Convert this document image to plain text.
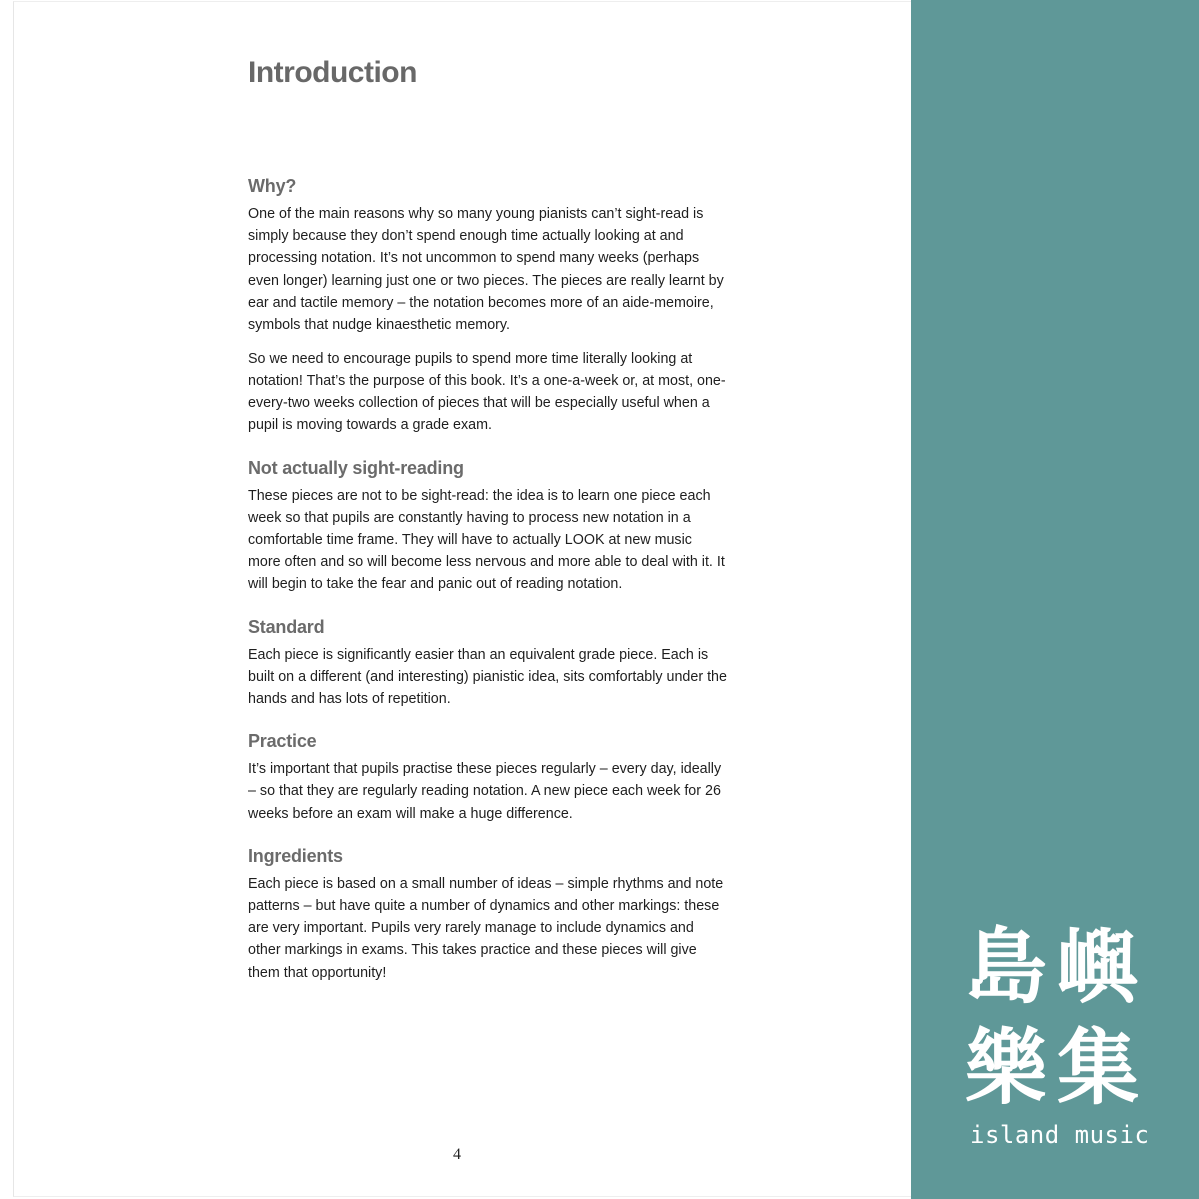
Introduction
Why?

One of the main reasons why so many young pianists can’t sight-read is simply because they don’t spend enough time actually looking at and processing notation. It’s not uncommon to spend many weeks (perhaps even longer) learning just one or two pieces. The pieces are really learnt by ear and tactile memory – the notation becomes more of an aide-memoire, symbols that nudge kinaesthetic memory.

So we need to encourage pupils to spend more time literally looking at notation! That’s the purpose of this book. It’s a one-a-week or, at most, one-every-two weeks collection of pieces that will be especially useful when a pupil is moving towards a grade exam.

Not actually sight-reading

These pieces are not to be sight-read: the idea is to learn one piece each week so that pupils are constantly having to process new notation in a comfortable time frame. They will have to actually LOOK at new music more often and so will become less nervous and more able to deal with it. It will begin to take the fear and panic out of reading notation.

Standard

Each piece is significantly easier than an equivalent grade piece. Each is built on a different (and interesting) pianistic idea, sits comfortably under the hands and has lots of repetition.

Practice

It’s important that pupils practise these pieces regularly – every day, ideally – so that they are regularly reading notation. A new piece each week for 26 weeks before an exam will make a huge difference.

Ingredients

Each piece is based on a small number of ideas – simple rhythms and note patterns – but have quite a number of dynamics and other markings: these are very important. Pupils very rarely manage to include dynamics and other markings in exams. This takes practice and these pieces will give them that opportunity!

4
島 嶼
樂 集
island music
